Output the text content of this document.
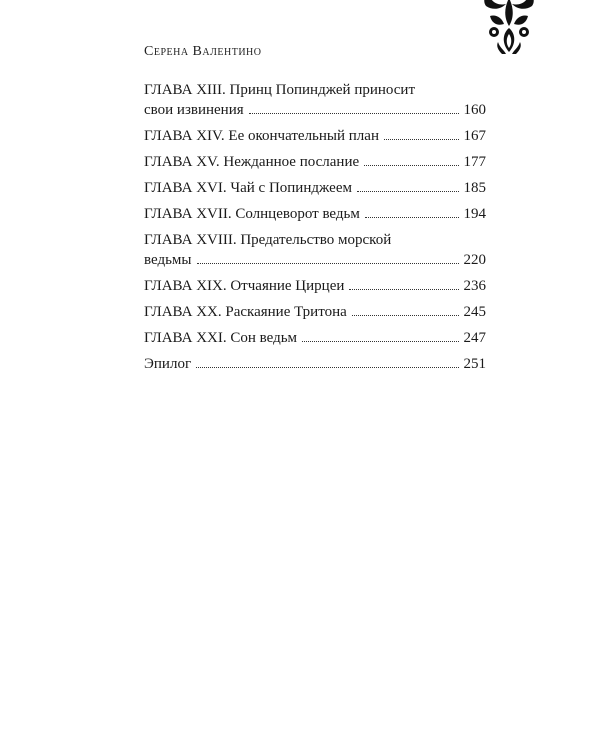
Серена Валентино
ГЛАВА XIII. Принц Попинджей приносит
свои извинения	160
ГЛАВА XIV. Ее окончательный план	167
ГЛАВА XV. Нежданное послание	177
ГЛАВА XVI. Чай с Попинджеем	185
ГЛАВА XVII. Солнцеворот ведьм	194
ГЛАВА XVIII. Предательство морской
ведьмы	220
ГЛАВА XIX. Отчаяние Цирцеи	236
ГЛАВА XX. Раскаяние Тритона	245
ГЛАВА XXI. Сон ведьм	247
Эпилог	251
